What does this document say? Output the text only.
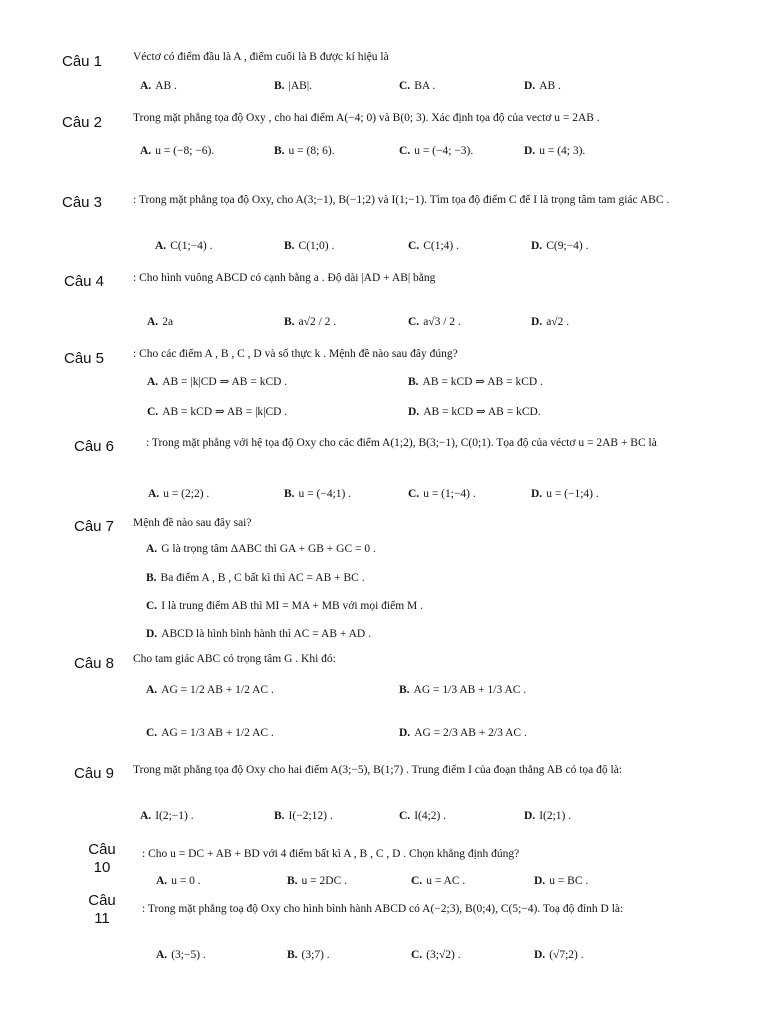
Câu 1	Véctơ có điểm đầu là A , điểm cuối là B được kí hiệu là
A. AB .	B. |AB|.	C. BA .	D. AB .
Câu 2	Trong mặt phẳng tọa độ Oxy , cho hai điểm A(−4; 0) và B(0; 3). Xác định tọa độ của vectơ u = 2AB .
A. u = (−8; −6).	B. u = (8; 6).	C. u = (−4; −3).	D. u = (4; 3).
Câu 3	: Trong mặt phẳng tọa độ Oxy, cho A(3;−1), B(−1;2) và I(1;−1). Tìm tọa độ điểm C để I là trọng tâm tam giác ABC .
A. C(1;−4) .	B. C(1;0) .	C. C(1;4) .	D. C(9;−4) .
Câu 4	: Cho hình vuông ABCD có cạnh bằng a . Độ dài |AD + AB| bằng
A. 2a	B. a√2 / 2 .	C. a√3 / 2 .	D. a√2 .
Câu 5	: Cho các điểm A , B , C , D và số thực k . Mệnh đề nào sau đây đúng?
A. AB = |k|CD ⇒ AB = kCD .	B. AB = kCD ⇒ AB = kCD .
C. AB = kCD ⇒ AB = |k|CD .	D. AB = kCD ⇒ AB = kCD.
Câu 6	: Trong mặt phẳng với hệ tọa độ Oxy cho các điểm A(1;2), B(3;−1), C(0;1). Tọa độ của véctơ u = 2AB + BC là
A. u = (2;2) .	B. u = (−4;1) .	C. u = (1;−4) .	D. u = (−1;4) .
Câu 7 Mệnh đề nào sau đây sai?
A. G là trọng tâm ΔABC thì GA + GB + GC = 0 .
B. Ba điểm A , B , C bất kì thì AC = AB + BC .
C. I là trung điểm AB thì MI = MA + MB với mọi điểm M .
D. ABCD là hình bình hành thì AC = AB + AD .
Câu 8 Cho tam giác ABC có trọng tâm G . Khi đó:
A. AG = 1/2 AB + 1/2 AC .	B. AG = 1/3 AB + 1/3 AC .
C. AG = 1/3 AB + 1/2 AC .	D. AG = 2/3 AB + 2/3 AC .
Câu 9 Trong mặt phẳng tọa độ Oxy cho hai điểm A(3;−5), B(1;7) . Trung điểm I của đoạn thẳng AB có tọa độ là:
A. I(2;−1) .	B. I(−2;12) .	C. I(4;2) .	D. I(2;1) .
Câu 10
: Cho u = DC + AB + BD với 4 điểm bất kì A , B , C , D . Chọn khẳng định đúng?
A. u = 0 .	B. u = 2DC .	C. u = AC .	D. u = BC .
Câu 11
: Trong mặt phẳng toạ độ Oxy cho hình bình hành ABCD có A(−2;3), B(0;4), C(5;−4). Toạ độ đỉnh D là:
A. (3;−5) .	B. (3;7) .	C. (3;√2) .	D. (√7;2) .
